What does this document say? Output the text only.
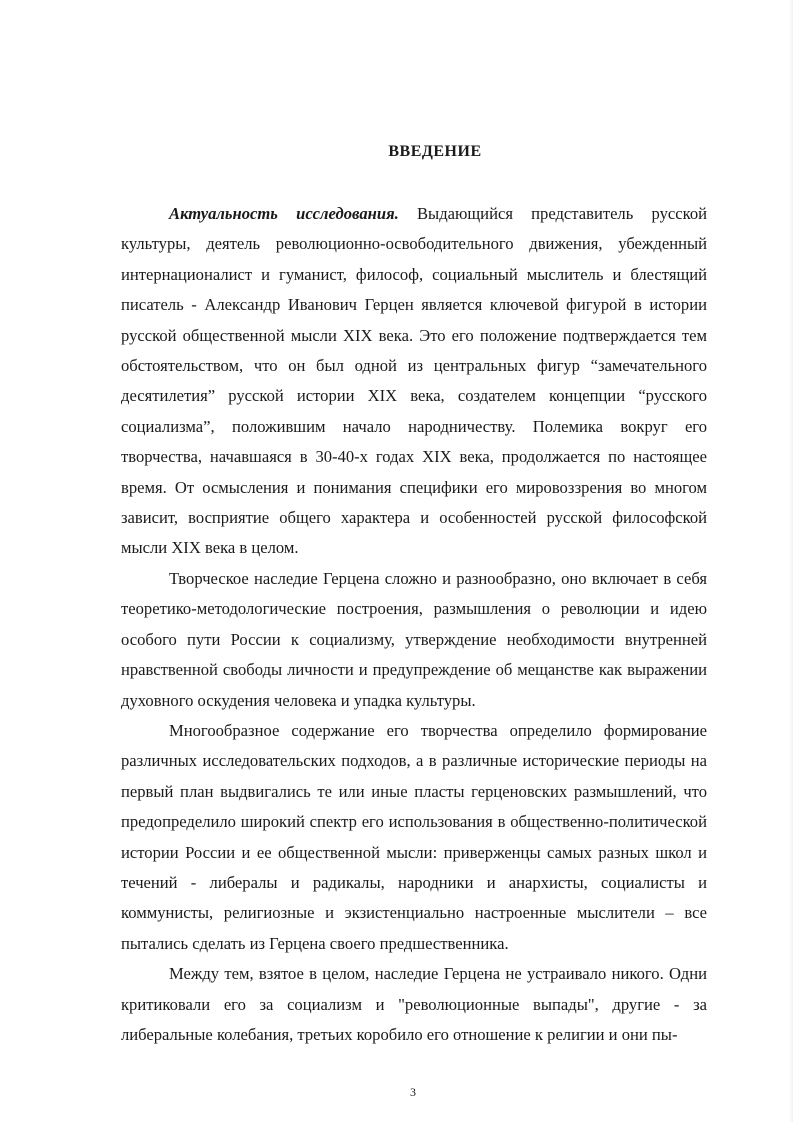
ВВЕДЕНИЕ

Актуальность исследования. Выдающийся представитель русской культуры, деятель революционно-освободительного движения, убежденный интернационалист и гуманист, философ, социальный мыслитель и блестящий писатель - Александр Иванович Герцен является ключевой фигурой в истории русской общественной мысли XIX века. Это его положение подтверждается тем обстоятельством, что он был одной из центральных фигур “замечательного десятилетия” русской истории XIX века, создателем концепции “русского социализма”, положившим начало народничеству. Полемика вокруг его творчества, начавшаяся в 30-40-х годах XIX века, продолжается по настоящее время. От осмысления и понимания специфики его мировоззрения во многом зависит, восприятие общего характера и особенностей русской философской мысли XIX века в целом.

Творческое наследие Герцена сложно и разнообразно, оно включает в себя теоретико-методологические построения, размышления о революции и идею особого пути России к социализму, утверждение необходимости внутренней нравственной свободы личности и предупреждение об мещанстве как выражении духовного оскудения человека и упадка культуры.

Многообразное содержание его творчества определило формирование различных исследовательских подходов, а в различные исторические периоды на первый план выдвигались те или иные пласты герценовских размышлений, что предопределило широкий спектр его использования в общественно-политической истории России и ее общественной мысли: приверженцы самых разных школ и течений - либералы и радикалы, народники и анархисты, социалисты и коммунисты, религиозные и экзистенциально настроенные мыслители – все пытались сделать из Герцена своего предшественника.

Между тем, взятое в целом, наследие Герцена не устраивало никого. Одни критиковали его за социализм и "революционные выпады", другие - за либеральные колебания, третьих коробило его отношение к религии и они пы-

3
